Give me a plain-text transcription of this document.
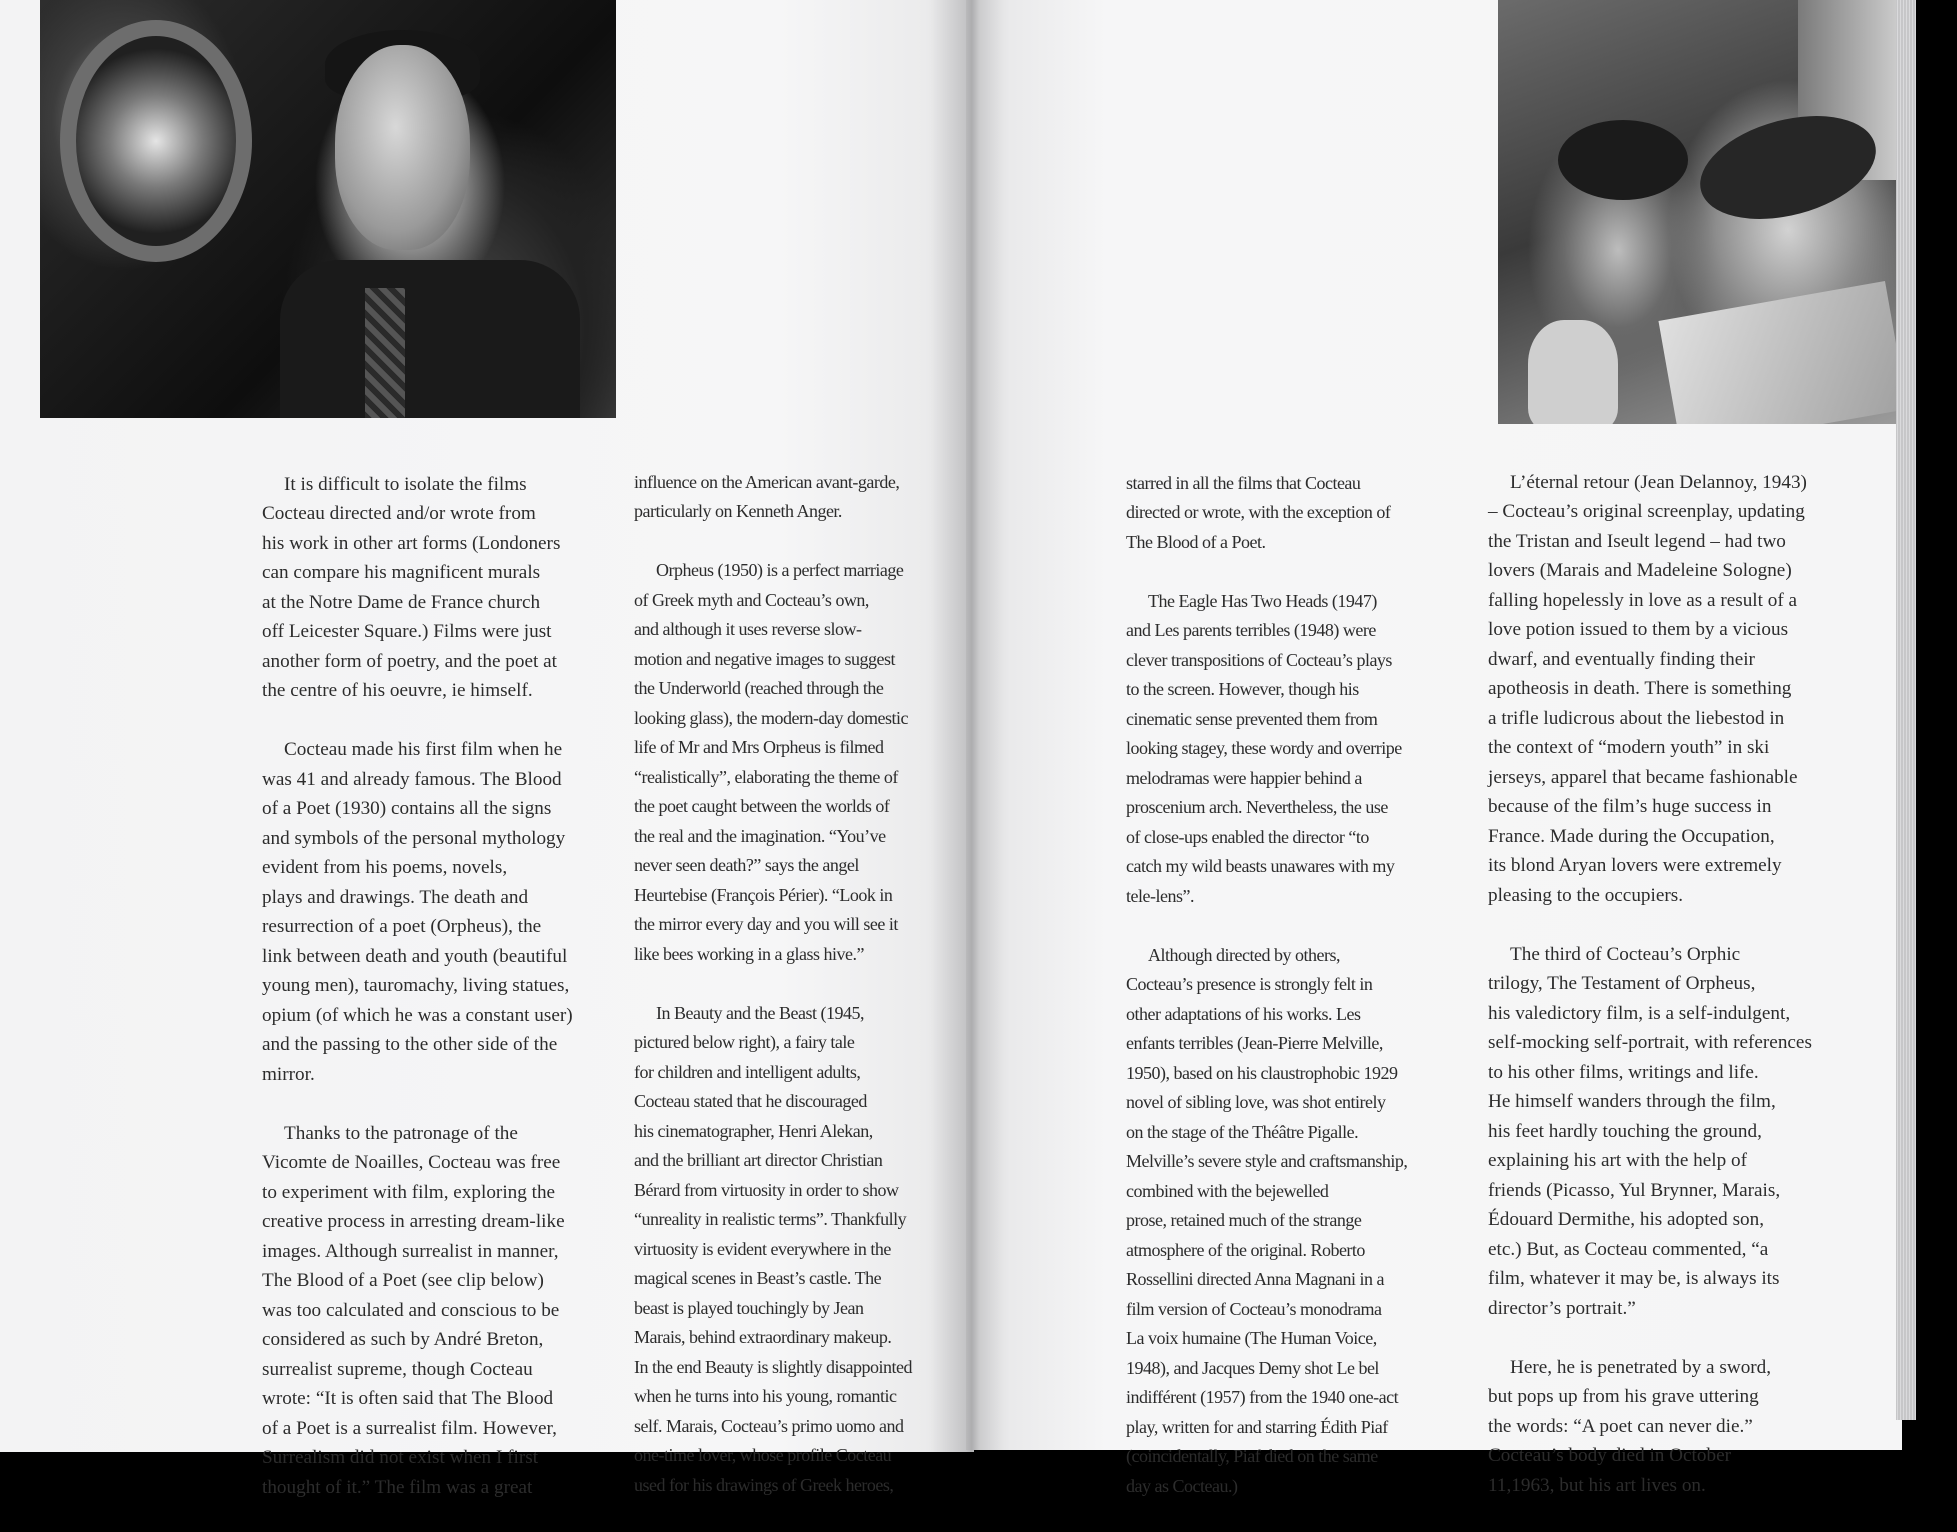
It is difficult to isolate the films
Cocteau directed and/or wrote from
his work in other art forms (Londoners
can compare his magnificent murals
at the Notre Dame de France church
off Leicester Square.) Films were just
another form of poetry, and the poet at
the centre of his oeuvre, ie himself.

Cocteau made his first film when he
was 41 and already famous. The Blood
of a Poet (1930) contains all the signs
and symbols of the personal mythology
evident from his poems, novels,
plays and drawings. The death and
resurrection of a poet (Orpheus), the
link between death and youth (beautiful
young men), tauromachy, living statues,
opium (of which he was a constant user)
and the passing to the other side of the
mirror.

Thanks to the patronage of the
Vicomte de Noailles, Cocteau was free
to experiment with film, exploring the
creative process in arresting dream-like
images. Although surrealist in manner,
The Blood of a Poet (see clip below)
was too calculated and conscious to be
considered as such by André Breton,
surrealist supreme, though Cocteau
wrote: “It is often said that The Blood
of a Poet is a surrealist film. However,
Surrealism did not exist when I first
thought of it.” The film was a great

influence on the American avant-garde,
particularly on Kenneth Anger.

Orpheus (1950) is a perfect marriage
of Greek myth and Cocteau’s own,
and although it uses reverse slow-
motion and negative images to suggest
the Underworld (reached through the
looking glass), the modern-day domestic
life of Mr and Mrs Orpheus is filmed
“realistically”, elaborating the theme of
the poet caught between the worlds of
the real and the imagination. “You’ve
never seen death?” says the angel
Heurtebise (François Périer). “Look in
the mirror every day and you will see it
like bees working in a glass hive.”

In Beauty and the Beast (1945,
pictured below right), a fairy tale
for children and intelligent adults,
Cocteau stated that he discouraged
his cinematographer, Henri Alekan,
and the brilliant art director Christian
Bérard from virtuosity in order to show
“unreality in realistic terms”. Thankfully
virtuosity is evident everywhere in the
magical scenes in Beast’s castle. The
beast is played touchingly by Jean
Marais, behind extraordinary makeup.
In the end Beauty is slightly disappointed
when he turns into his young, romantic
self. Marais, Cocteau’s primo uomo and
one-time lover, whose profile Cocteau
used for his drawings of Greek heroes,

starred in all the films that Cocteau
directed or wrote, with the exception of
The Blood of a Poet.

The Eagle Has Two Heads (1947)
and Les parents terribles (1948) were
clever transpositions of Cocteau’s plays
to the screen. However, though his
cinematic sense prevented them from
looking stagey, these wordy and overripe
melodramas were happier behind a
proscenium arch. Nevertheless, the use
of close-ups enabled the director “to
catch my wild beasts unawares with my
tele-lens”.

Although directed by others,
Cocteau’s presence is strongly felt in
other adaptations of his works. Les
enfants terribles (Jean-Pierre Melville,
1950), based on his claustrophobic 1929
novel of sibling love, was shot entirely
on the stage of the Théâtre Pigalle.
Melville’s severe style and craftsmanship,
combined with the bejewelled
prose, retained much of the strange
atmosphere of the original. Roberto
Rossellini directed Anna Magnani in a
film version of Cocteau’s monodrama
La voix humaine (The Human Voice,
1948), and Jacques Demy shot Le bel
indifférent (1957) from the 1940 one-act
play, written for and starring Édith Piaf
(coincidentally, Piaf died on the same
day as Cocteau.)

L’éternal retour (Jean Delannoy, 1943)
– Cocteau’s original screenplay, updating
the Tristan and Iseult legend – had two
lovers (Marais and Madeleine Sologne)
falling hopelessly in love as a result of a
love potion issued to them by a vicious
dwarf, and eventually finding their
apotheosis in death. There is something
a trifle ludicrous about the liebestod in
the context of “modern youth” in ski
jerseys, apparel that became fashionable
because of the film’s huge success in
France. Made during the Occupation,
its blond Aryan lovers were extremely
pleasing to the occupiers.

The third of Cocteau’s Orphic
trilogy, The Testament of Orpheus,
his valedictory film, is a self-indulgent,
self-mocking self-portrait, with references
to his other films, writings and life.
He himself wanders through the film,
his feet hardly touching the ground,
explaining his art with the help of
friends (Picasso, Yul Brynner, Marais,
Édouard Dermithe, his adopted son,
etc.) But, as Cocteau commented, “a
film, whatever it may be, is always its
director’s portrait.”

Here, he is penetrated by a sword,
but pops up from his grave uttering
the words: “A poet can never die.”
Cocteau’s body died in October
11,1963, but his art lives on.
